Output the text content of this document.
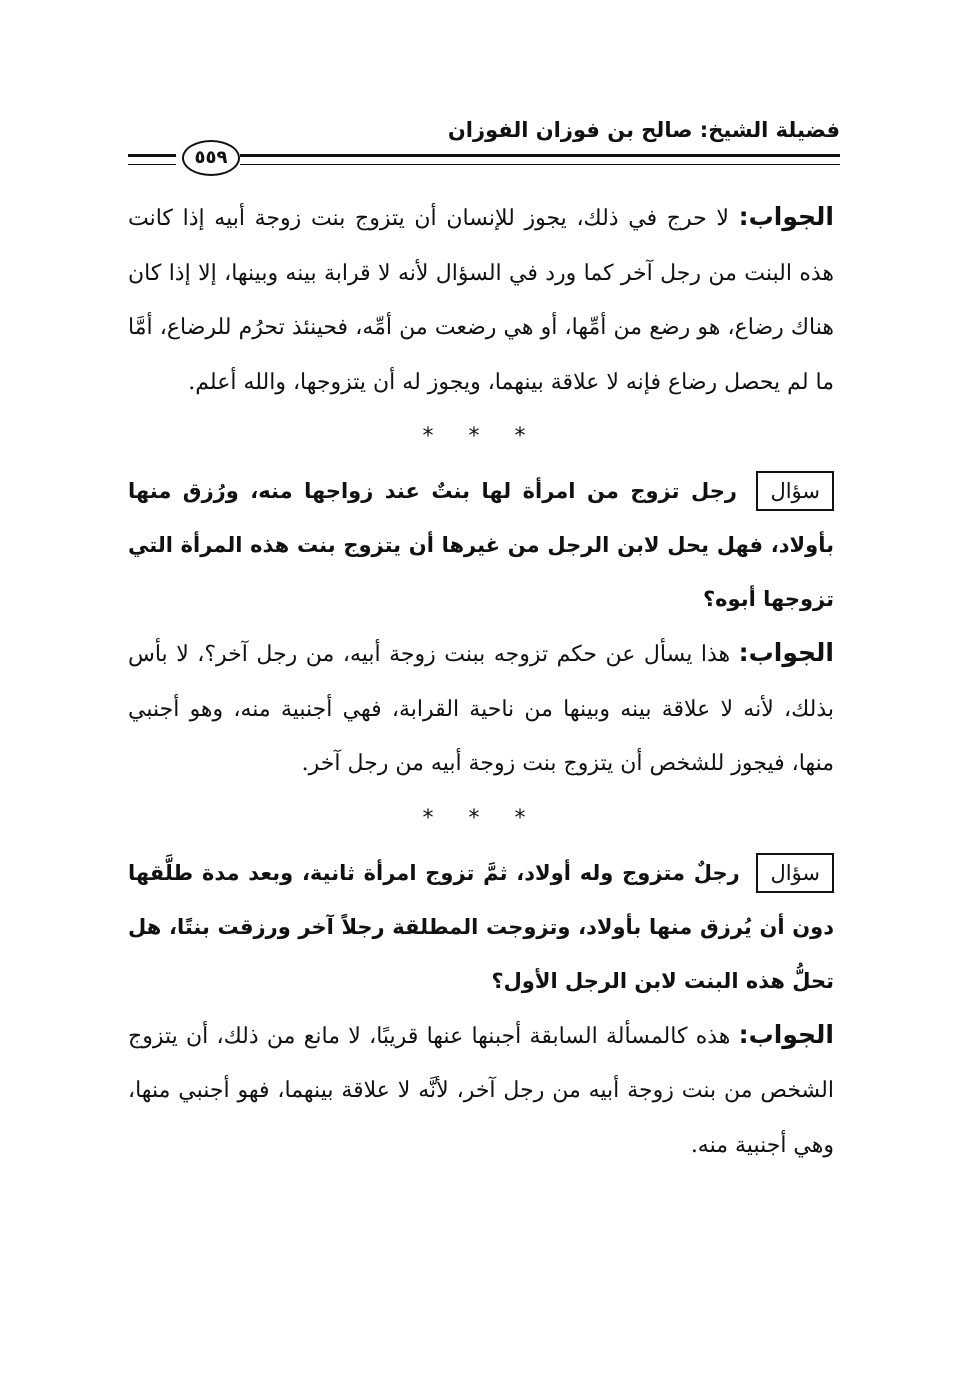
فضيلة الشيخ: صالح بن فوزان الفوزان
٥٥٩

الجواب: لا حرج في ذلك، يجوز للإنسان أن يتزوج بنت زوجة أبيه إذا كانت هذه البنت من رجل آخر كما ورد في السؤال لأنه لا قرابة بينه وبينها، إلا إذا كان هناك رضاع، هو رضع من أمِّها، أو هي رضعت من أمِّه، فحينئذ تحرُم للرضاع، أمَّا ما لم يحصل رضاع فإنه لا علاقة بينهما، ويجوز له أن يتزوجها، والله أعلم.

* * *

سؤال رجل تزوج من امرأة لها بنتٌ عند زواجها منه، ورُزق منها بأولاد، فهل يحل لابن الرجل من غيرها أن يتزوج بنت هذه المرأة التي تزوجها أبوه؟

الجواب: هذا يسأل عن حكم تزوجه ببنت زوجة أبيه، من رجل آخر؟، لا بأس بذلك، لأنه لا علاقة بينه وبينها من ناحية القرابة، فهي أجنبية منه، وهو أجنبي منها، فيجوز للشخص أن يتزوج بنت زوجة أبيه من رجل آخر.

* * *

سؤال رجلٌ متزوج وله أولاد، ثمَّ تزوج امرأة ثانية، وبعد مدة طلَّقها دون أن يُرزق منها بأولاد، وتزوجت المطلقة رجلاً آخر ورزقت بنتًا، هل تحلُّ هذه البنت لابن الرجل الأول؟

الجواب: هذه كالمسألة السابقة أجبنها عنها قريبًا، لا مانع من ذلك، أن يتزوج الشخص من بنت زوجة أبيه من رجل آخر، لأنَّه لا علاقة بينهما، فهو أجنبي منها، وهي أجنبية منه.
